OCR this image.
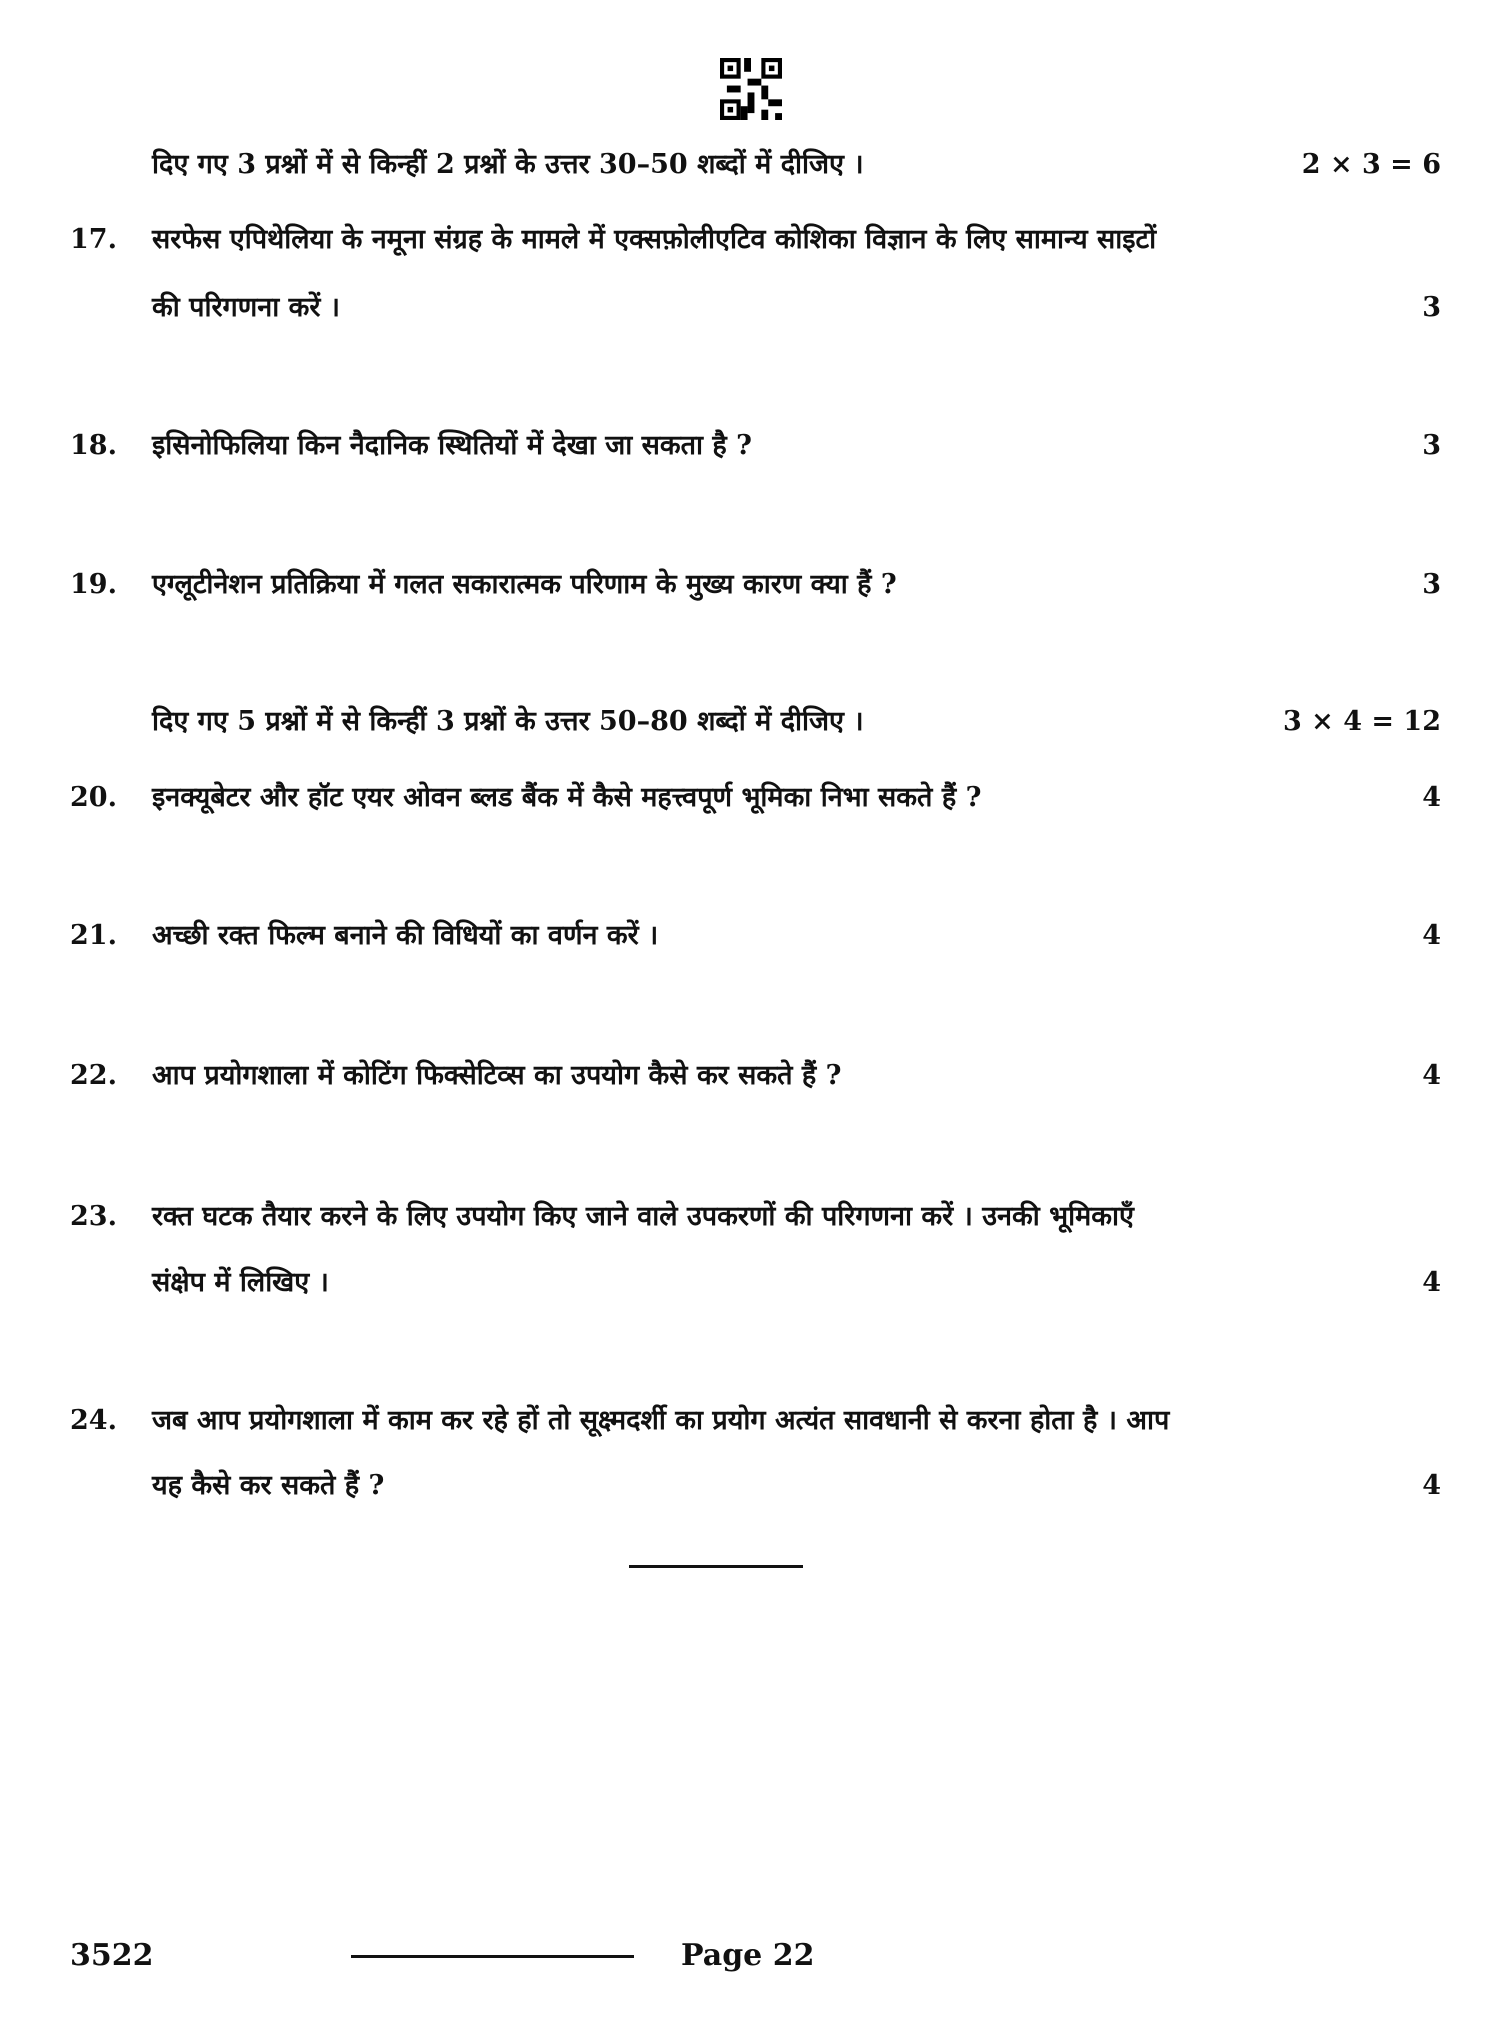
दिए गए 3 प्रश्नों में से किन्हीं 2 प्रश्नों के उत्तर 30–50 शब्दों में दीजिए ।	2 × 3 = 6
17. सरफेस एपिथेलिया के नमूना संग्रह के मामले में एक्सफ़ोलीएटिव कोशिका विज्ञान के लिए सामान्य साइटों
की परिगणना करें ।	3
18. इसिनोफिलिया किन नैदानिक स्थितियों में देखा जा सकता है ?	3
19. एग्लूटीनेशन प्रतिक्रिया में गलत सकारात्मक परिणाम के मुख्य कारण क्या हैं ?	3
दिए गए 5 प्रश्नों में से किन्हीं 3 प्रश्नों के उत्तर 50–80 शब्दों में दीजिए ।	3 × 4 = 12
20. इनक्यूबेटर और हॉट एयर ओवन ब्लड बैंक में कैसे महत्त्वपूर्ण भूमिका निभा सकते हैं ?	4
21. अच्छी रक्त फिल्म बनाने की विधियों का वर्णन करें ।	4
22. आप प्रयोगशाला में कोटिंग फिक्सेटिव्स का उपयोग कैसे कर सकते हैं ?	4
23. रक्त घटक तैयार करने के लिए उपयोग किए जाने वाले उपकरणों की परिगणना करें । उनकी भूमिकाएँ
संक्षेप में लिखिए ।	4
24. जब आप प्रयोगशाला में काम कर रहे हों तो सूक्ष्मदर्शी का प्रयोग अत्यंत सावधानी से करना होता है । आप
यह कैसे कर सकते हैं ?	4
3522	Page 22
